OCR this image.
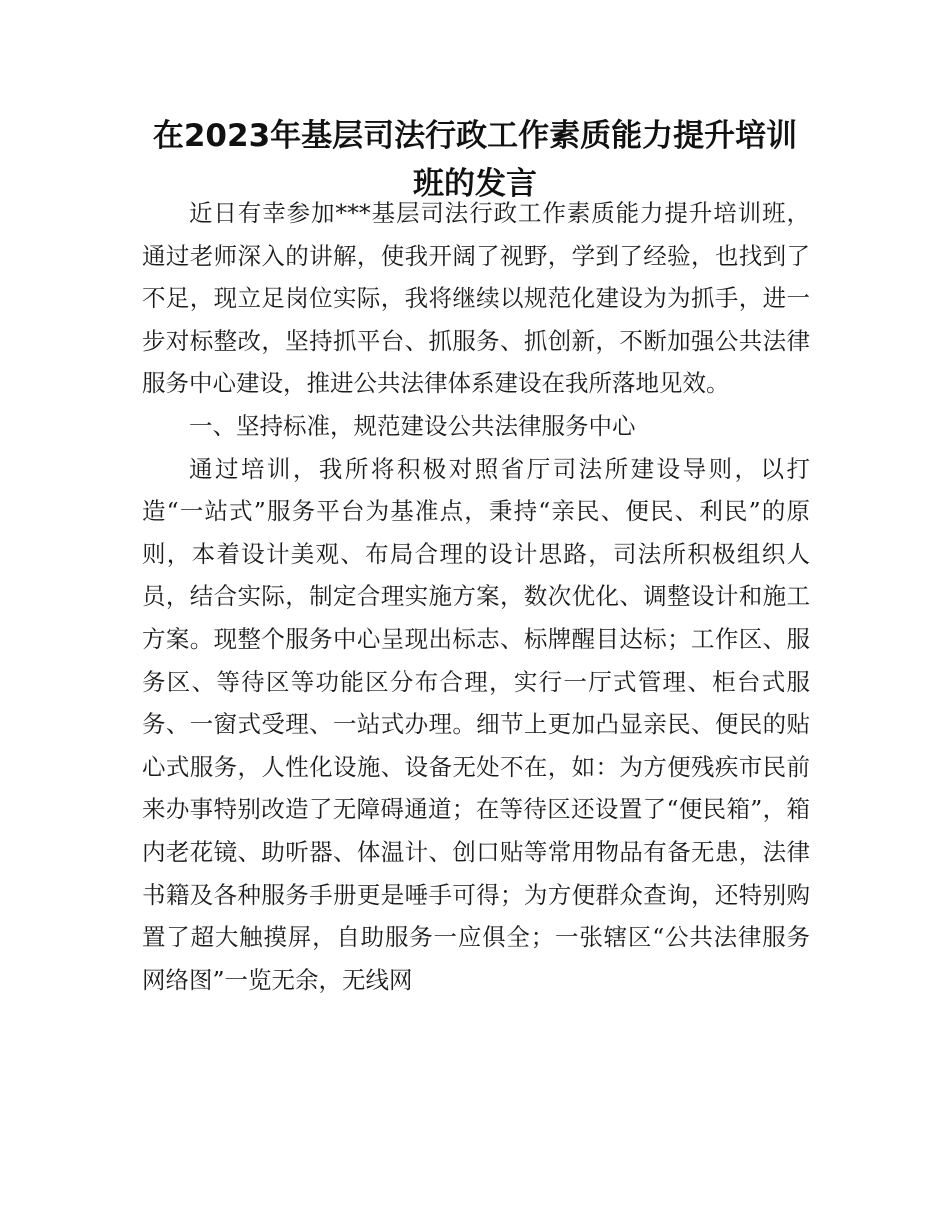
在2023年基层司法行政工作素质能力提升培训班的发言

近日有幸参加***基层司法行政工作素质能力提升培训班，通过老师深入的讲解，使我开阔了视野，学到了经验，也找到了不足，现立足岗位实际，我将继续以规范化建设为为抓手，进一步对标整改，坚持抓平台、抓服务、抓创新，不断加强公共法律服务中心建设，推进公共法律体系建设在我所落地见效。

一、坚持标准，规范建设公共法律服务中心

通过培训，我所将积极对照省厅司法所建设导则，以打造“一站式”服务平台为基准点，秉持“亲民、便民、利民”的原则，本着设计美观、布局合理的设计思路，司法所积极组织人员，结合实际，制定合理实施方案，数次优化、调整设计和施工方案。现整个服务中心呈现出标志、标牌醒目达标；工作区、服务区、等待区等功能区分布合理，实行一厅式管理、柜台式服务、一窗式受理、一站式办理。细节上更加凸显亲民、便民的贴心式服务，人性化设施、设备无处不在，如：为方便残疾市民前来办事特别改造了无障碍通道；在等待区还设置了“便民箱”，箱内老花镜、助听器、体温计、创口贴等常用物品有备无患，法律书籍及各种服务手册更是唾手可得；为方便群众查询，还特别购置了超大触摸屏，自助服务一应俱全；一张辖区“公共法律服务网络图”一览无余，无线网
